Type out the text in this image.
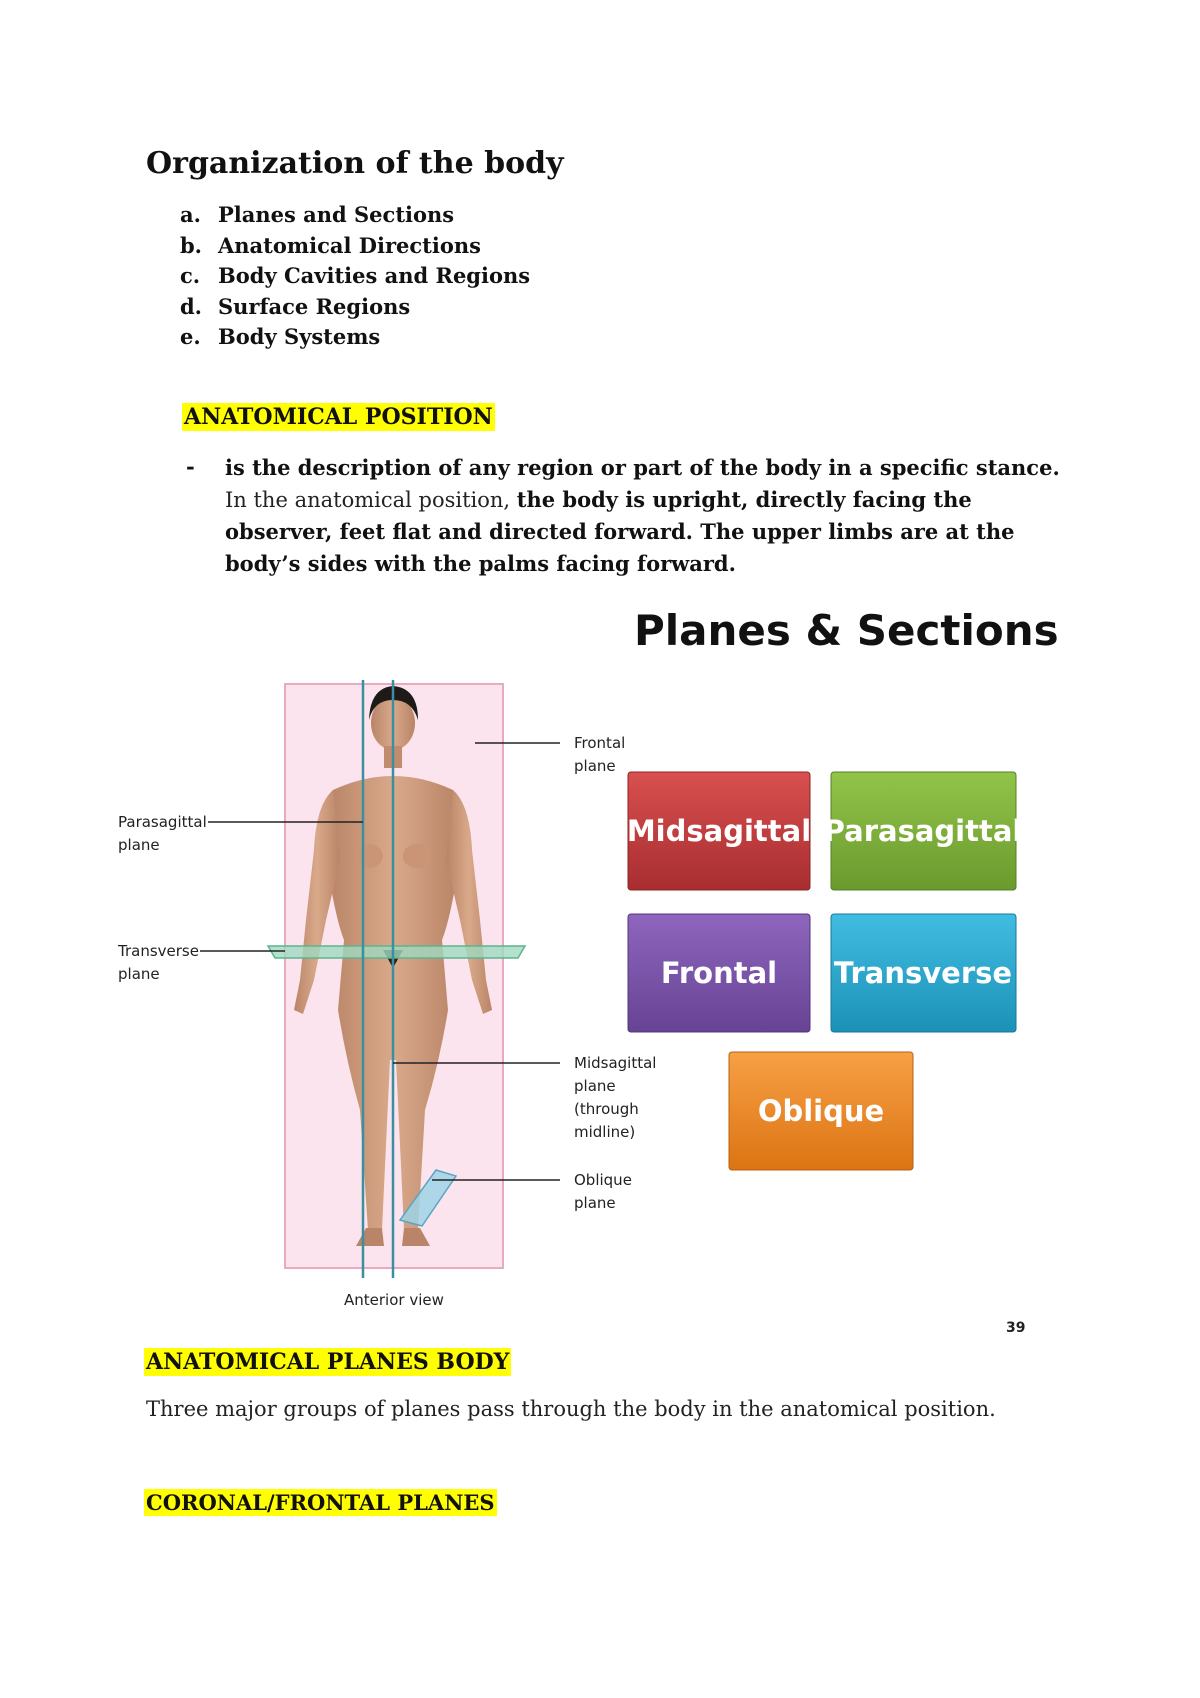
Organization of the body
a. Planes and Sections
b. Anatomical Directions
c. Body Cavities and Regions
d. Surface Regions
e. Body Systems
ANATOMICAL POSITION
- is the description of any region or part of the body in a specific stance. In the anatomical position, the body is upright, directly facing the observer, feet flat and directed forward. The upper limbs are at the body’s sides with the palms facing forward.
Frontal
plane
Parasagittal
plane
Transverse
plane
Midsagittal
plane
(through
midline)
Oblique
plane
Anterior view
Planes & Sections
Midsagittal Parasagittal
Frontal Transverse
Oblique
39
ANATOMICAL PLANES BODY
Three major groups of planes pass through the body in the anatomical position.
CORONAL/FRONTAL PLANES
